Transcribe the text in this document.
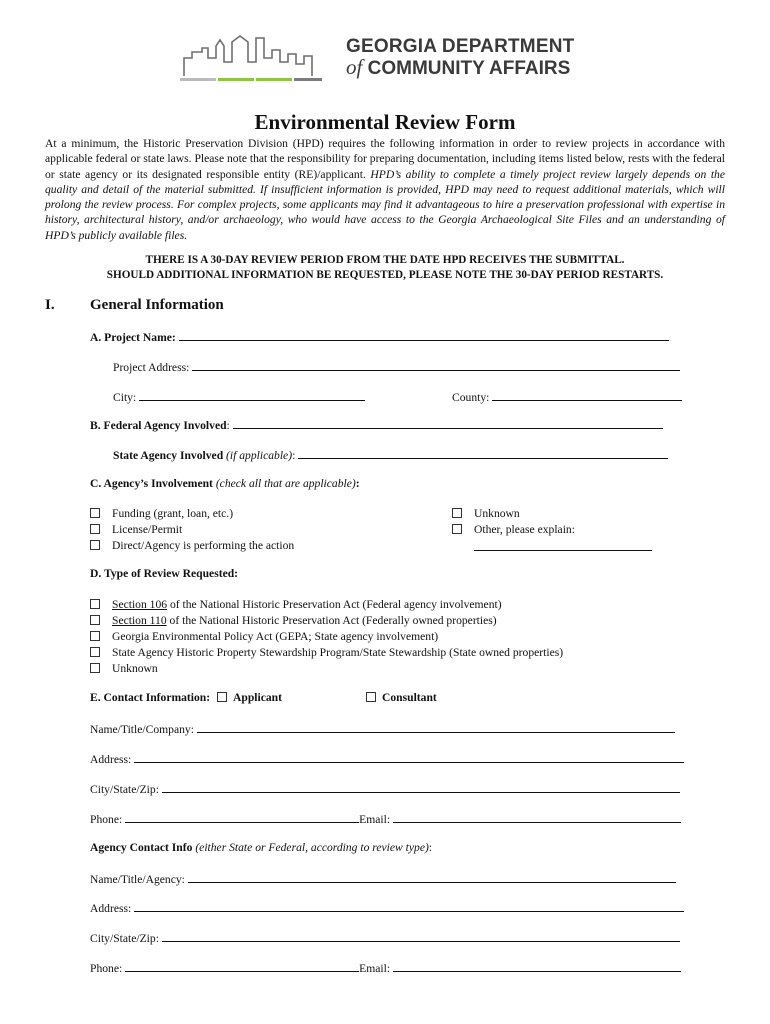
GEORGIA DEPARTMENT
of COMMUNITY AFFAIRS
Environmental Review Form
At a minimum, the Historic Preservation Division (HPD) requires the following information in order to review projects in accordance with applicable federal or state laws. Please note that the responsibility for preparing documentation, including items listed below, rests with the federal or state agency or its designated responsible entity (RE)/applicant. HPD’s ability to complete a timely project review largely depends on the quality and detail of the material submitted. If insufficient information is provided, HPD may need to request additional materials, which will prolong the review process. For complex projects, some applicants may find it advantageous to hire a preservation professional with expertise in history, architectural history, and/or archaeology, who would have access to the Georgia Archaeological Site Files and an understanding of HPD’s publicly available files.
THERE IS A 30-DAY REVIEW PERIOD FROM THE DATE HPD RECEIVES THE SUBMITTAL.
SHOULD ADDITIONAL INFORMATION BE REQUESTED, PLEASE NOTE THE 30-DAY PERIOD RESTARTS.
I. General Information
A. Project Name:
Project Address:
City:	County:
B. Federal Agency Involved:
State Agency Involved (if applicable):
C. Agency’s Involvement (check all that are applicable):
Funding (grant, loan, etc.)
License/Permit
Direct/Agency is performing the action
Unknown
Other, please explain:
D. Type of Review Requested:
Section 106 of the National Historic Preservation Act (Federal agency involvement)
Section 110 of the National Historic Preservation Act (Federally owned properties)
Georgia Environmental Policy Act (GEPA; State agency involvement)
State Agency Historic Property Stewardship Program/State Stewardship (State owned properties)
Unknown
E. Contact Information: Applicant	Consultant
Name/Title/Company:
Address:
City/State/Zip:
Phone:	Email:
Agency Contact Info (either State or Federal, according to review type):
Name/Title/Agency:
Address:
City/State/Zip:
Phone:	Email:
